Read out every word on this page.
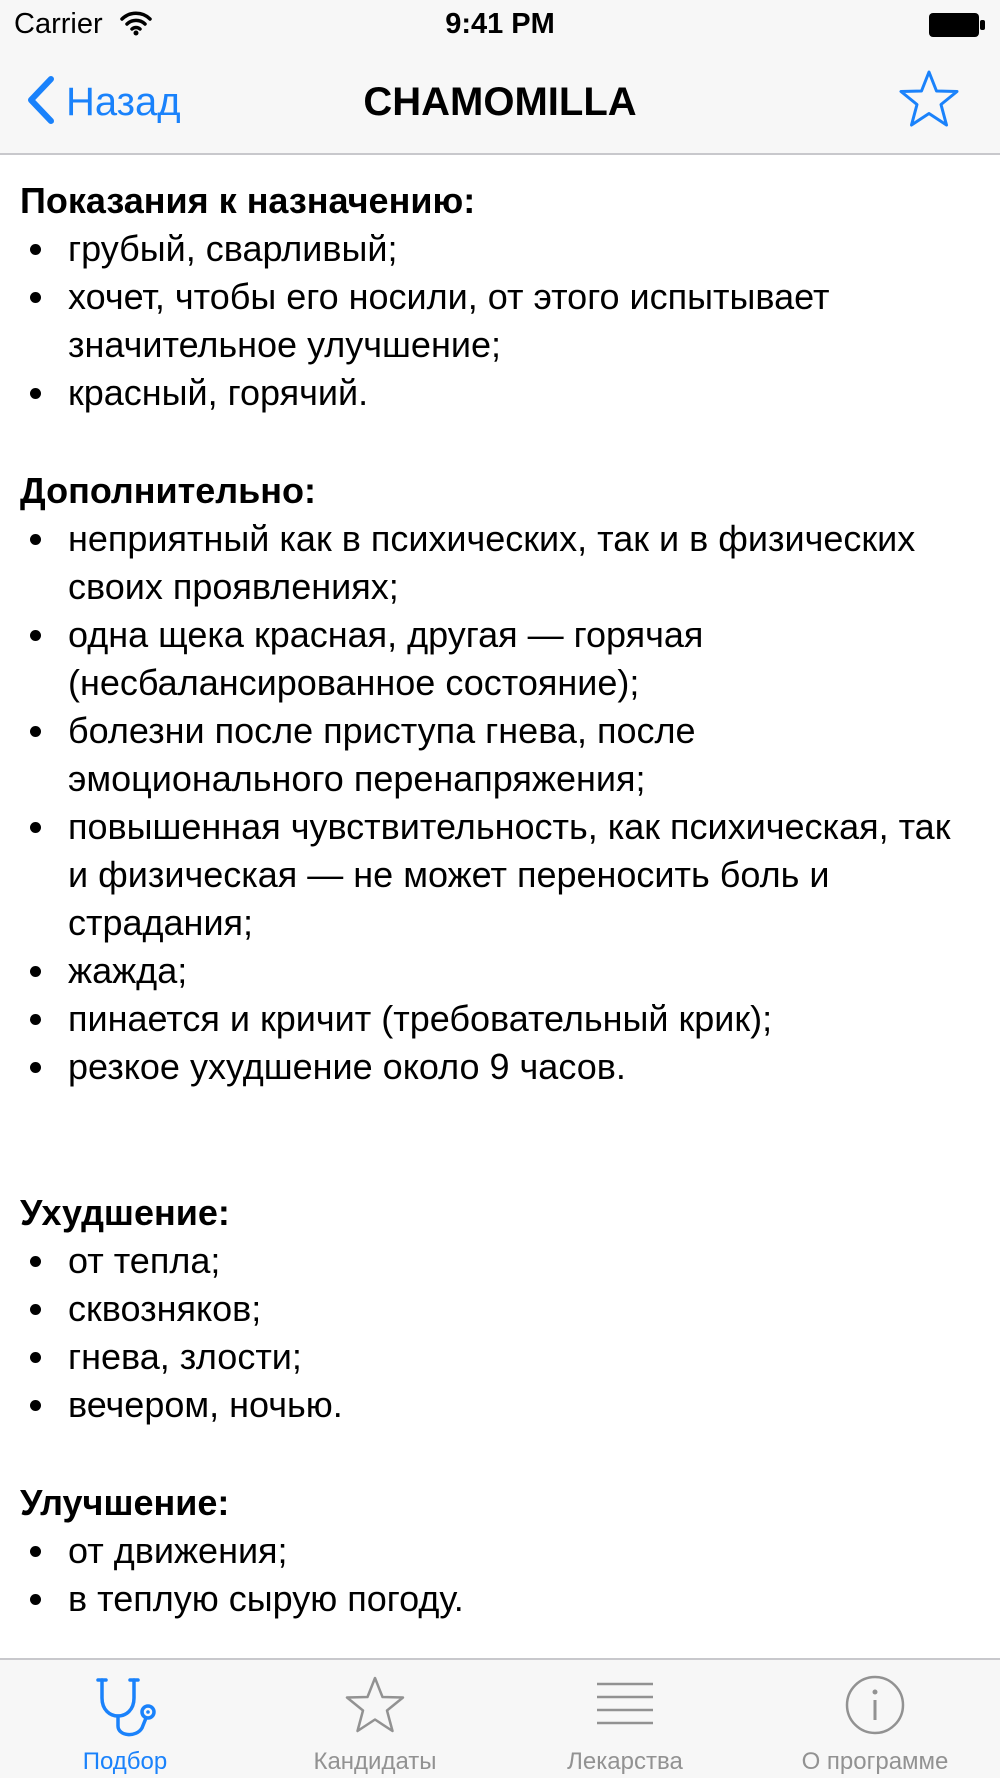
Carrier	9:41 PM
Назад	CHAMOMILLA
Показания к назначению:
грубый, сварливый;
хочет, чтобы его носили, от этого испытывает значительное улучшение;
красный, горячий.
Дополнительно:
неприятный как в психических, так и в физических своих проявлениях;
одна щека красная, другая — горячая (несбалансированное состояние);
болезни после приступа гнева, после эмоционального перенапряжения;
повышенная чувствительность, как психическая, так и физическая — не может переносить боль и страдания;
жажда;
пинается и кричит (требовательный крик);
резкое ухудшение около 9 часов.
Ухудшение:
от тепла;
сквозняков;
гнева, злости;
вечером, ночью.
Улучшение:
от движения;
в теплую сырую погоду.
Подбор	Кандидаты	Лекарства	О программе
